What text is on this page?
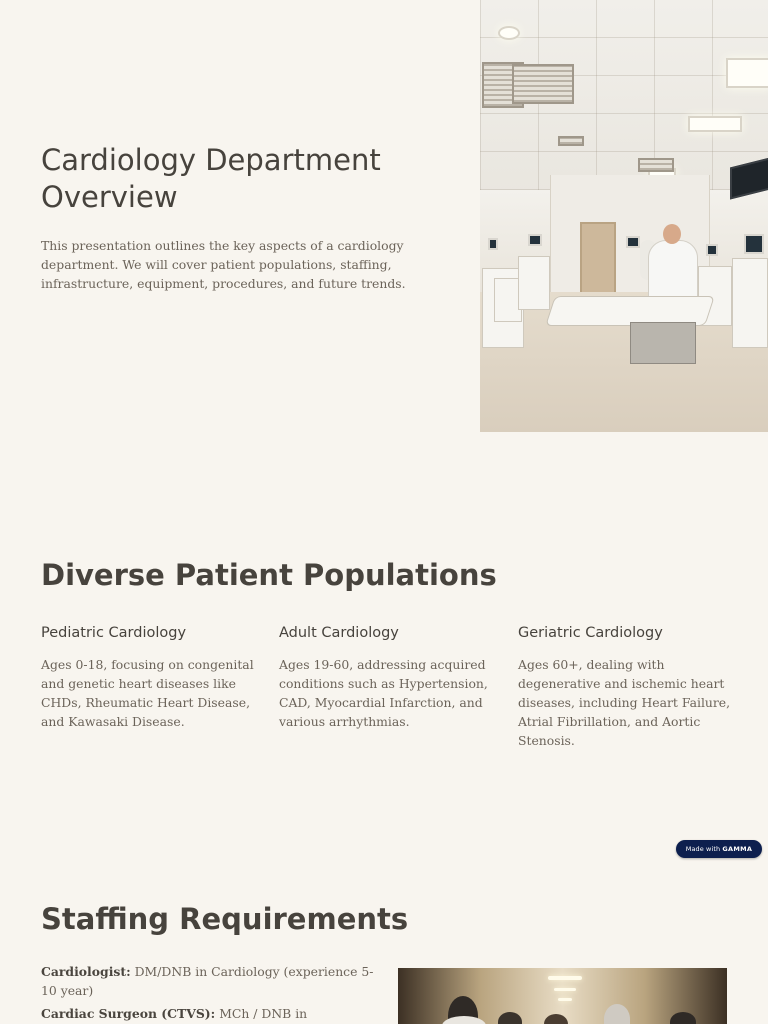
Cardiology Department Overview

This presentation outlines the key aspects of a cardiology department. We will cover patient populations, staffing, infrastructure, equipment, procedures, and future trends.

Diverse Patient Populations
Pediatric Cardiology

Ages 0-18, focusing on congenital and genetic heart diseases like CHDs, Rheumatic Heart Disease, and Kawasaki Disease.

Adult Cardiology

Ages 19-60, addressing acquired conditions such as Hypertension, CAD, Myocardial Infarction, and various arrhythmias.

Geriatric Cardiology

Ages 60+, dealing with degenerative and ischemic heart diseases, including Heart Failure, Atrial Fibrillation, and Aortic Stenosis.

Made with GAMMA
Staffing Requirements
Cardiologist: DM/DNB in Cardiology (experience 5-10 year)
Cardiac Surgeon (CTVS): MCh / DNB in
